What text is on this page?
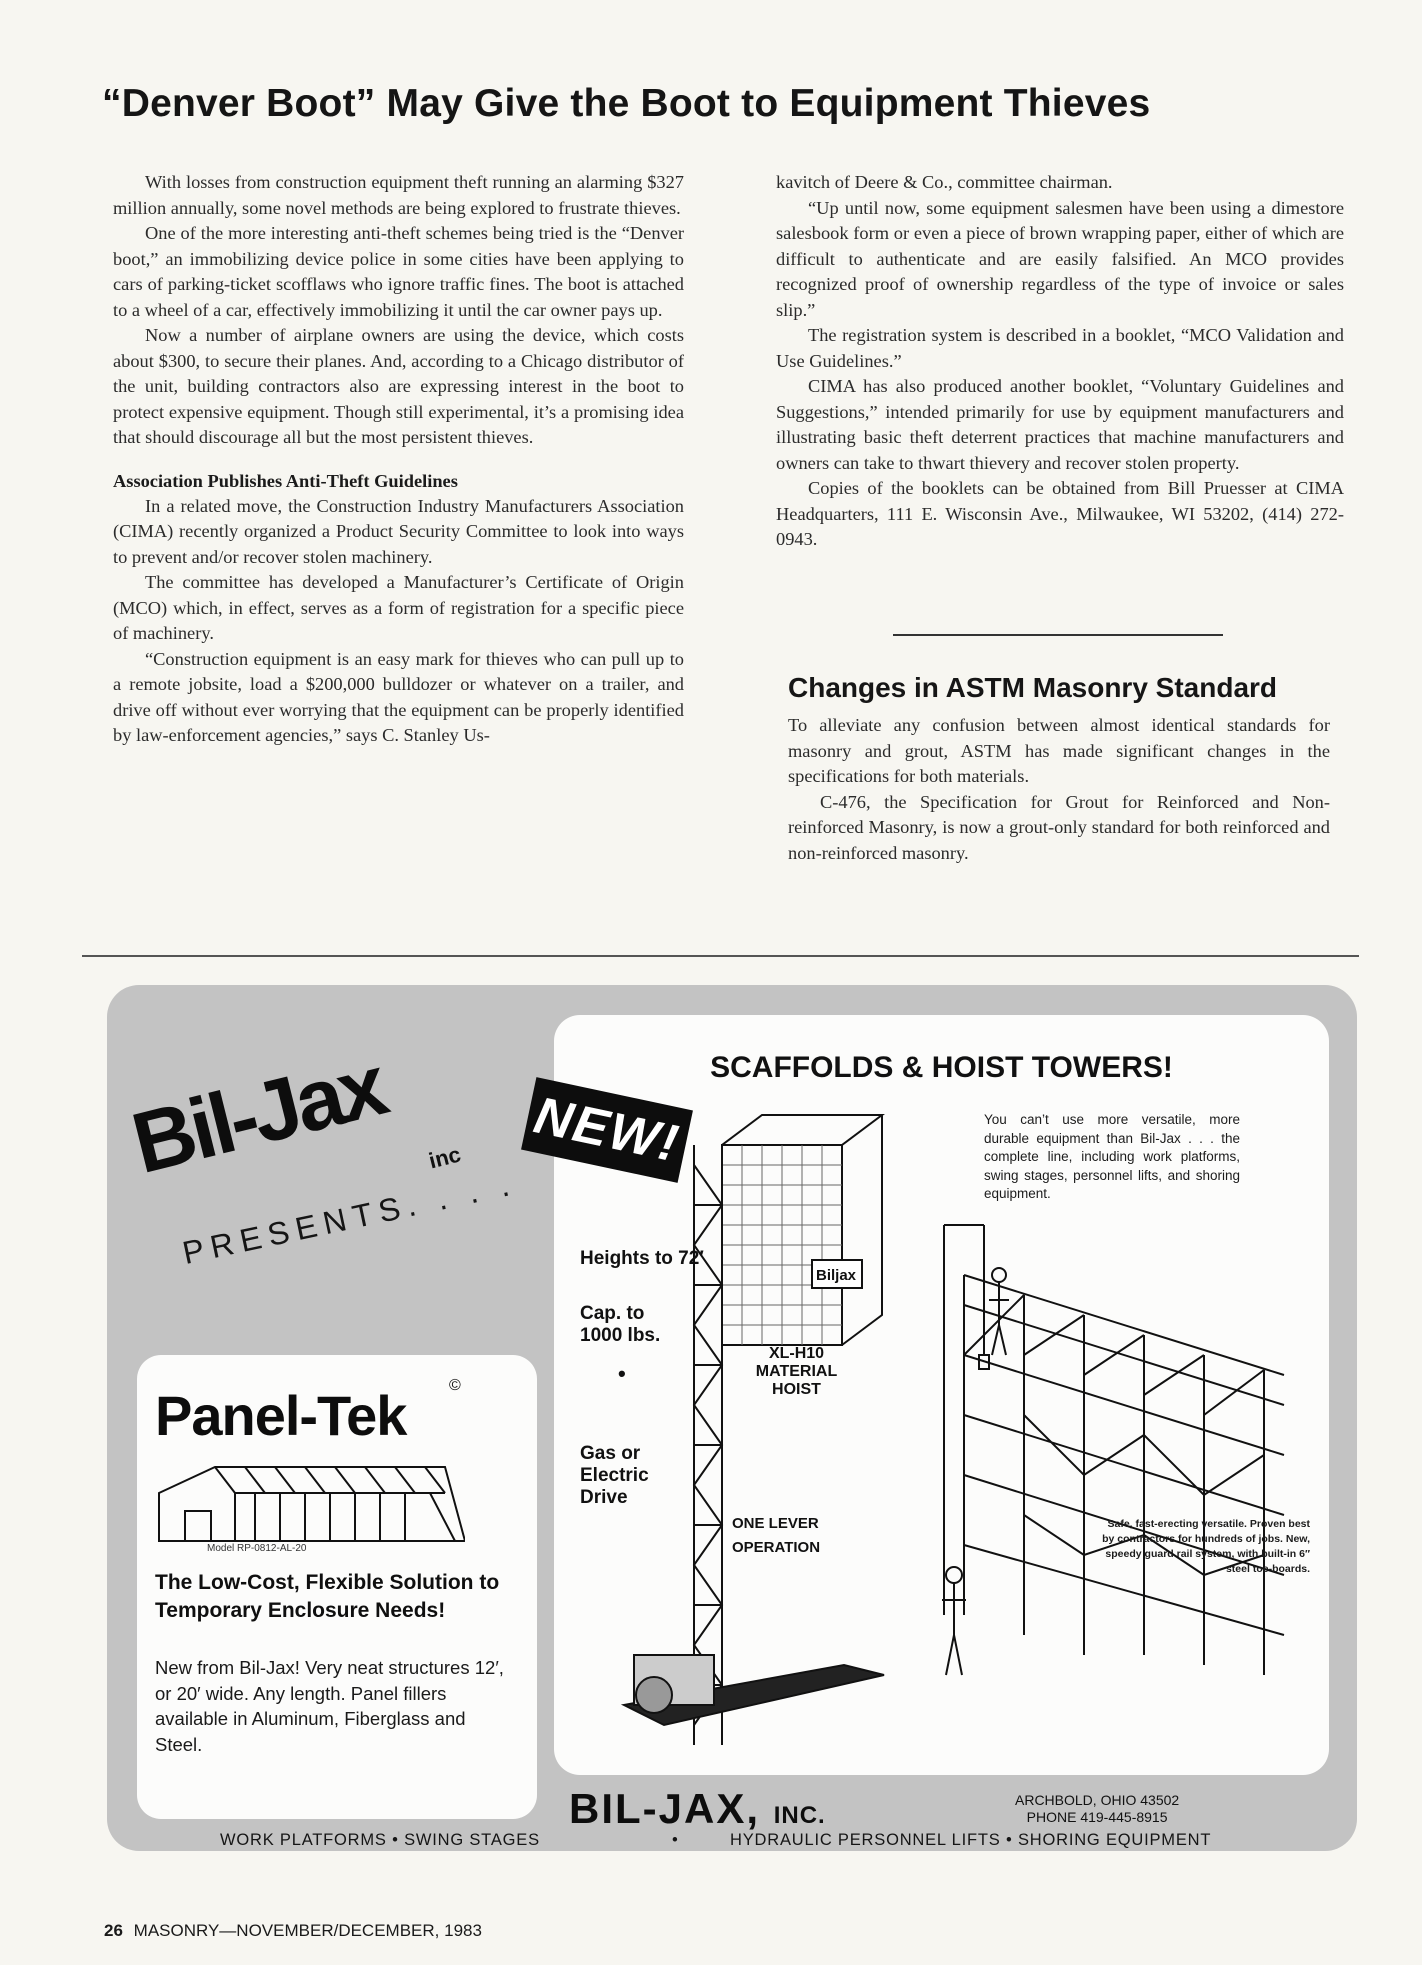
“Denver Boot” May Give the Boot to Equipment Thieves

With losses from construction equipment theft running an alarming $327 million annually, some novel methods are being explored to frustrate thieves.

One of the more interesting anti-theft schemes being tried is the “Denver boot,” an immobilizing device police in some cities have been applying to cars of parking-ticket scofflaws who ignore traffic fines. The boot is attached to a wheel of a car, effectively immobilizing it until the car owner pays up.

Now a number of airplane owners are using the device, which costs about $300, to secure their planes. And, according to a Chicago distributor of the unit, building contractors also are expressing interest in the boot to protect expensive equipment. Though still experimental, it’s a promising idea that should discourage all but the most persistent thieves.

Association Publishes Anti-Theft Guidelines

In a related move, the Construction Industry Manufacturers Association (CIMA) recently organized a Product Security Committee to look into ways to prevent and/or recover stolen machinery.

The committee has developed a Manufacturer’s Certificate of Origin (MCO) which, in effect, serves as a form of registration for a specific piece of machinery.

“Construction equipment is an easy mark for thieves who can pull up to a remote jobsite, load a $200,000 bulldozer or whatever on a trailer, and drive off without ever worrying that the equipment can be properly identified by law-enforcement agencies,” says C. Stanley Us-

kavitch of Deere & Co., committee chairman.

“Up until now, some equipment salesmen have been using a dimestore salesbook form or even a piece of brown wrapping paper, either of which are difficult to authenticate and are easily falsified. An MCO provides recognized proof of ownership regardless of the type of invoice or sales slip.”

The registration system is described in a booklet, “MCO Validation and Use Guidelines.”

CIMA has also produced another booklet, “Voluntary Guidelines and Suggestions,” intended primarily for use by equipment manufacturers and illustrating basic theft deterrent practices that machine manufacturers and owners can take to thwart thievery and recover stolen property.

Copies of the booklets can be obtained from Bill Pruesser at CIMA Headquarters, 111 E. Wisconsin Ave., Milwaukee, WI 53202, (414) 272-0943.

Changes in ASTM Masonry Standard

To alleviate any confusion between almost identical standards for masonry and grout, ASTM has made significant changes in the specifications for both materials.

C-476, the Specification for Grout for Reinforced and Non-reinforced Masonry, is now a grout-only standard for both reinforced and non-reinforced masonry.

Bil-Jax inc
PRESENTS. . . .
SCAFFOLDS & HOIST TOWERS!
Biljax
Heights to 72′
Cap. to 1000 lbs.
•
Gas or Electric Drive
XL-H10 MATERIAL HOIST
ONE LEVER OPERATION
You can’t use more versatile, more durable equipment than Bil-Jax . . . the complete line, including work platforms, swing stages, personnel lifts, and shoring equipment.
Safe, fast-erecting versatile. Proven best by contractors for hundreds of jobs. New, speedy guard rail system, with built-in 6″ steel toe-boards.
NEW!
Panel-Tek	©
Model RP-0812-AL-20
The Low-Cost, Flexible Solution to Temporary Enclosure Needs!
New from Bil-Jax! Very neat structures 12′, or 20′ wide. Any length. Panel fillers available in Aluminum, Fiberglass and Steel.
BIL-JAX, INC.
ARCHBOLD, OHIO 43502
PHONE 419-445-8915
WORK PLATFORMS • SWING STAGES	•	HYDRAULIC PERSONNEL LIFTS • SHORING EQUIPMENT
26 MASONRY—NOVEMBER/DECEMBER, 1983
